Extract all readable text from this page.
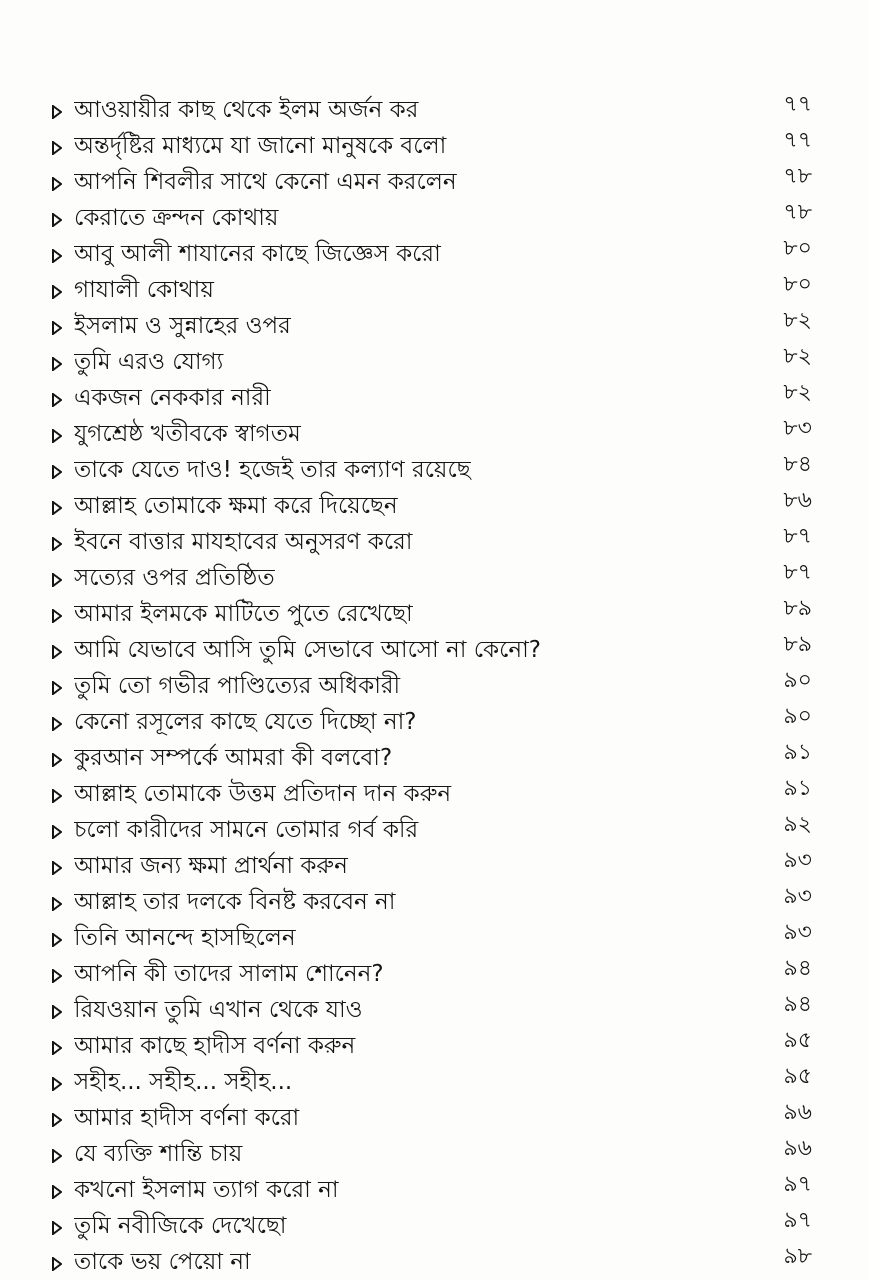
আওয়ায়ীর কাছ থেকে ইলম অর্জন কর	৭৭
অন্তর্দৃষ্টির মাধ্যমে যা জানো মানুষকে বলো	৭৭
আপনি শিবলীর সাথে কেনো এমন করলেন	৭৮
কেরাতে ক্রন্দন কোথায়	৭৮
আবু আলী শাযানের কাছে জিজ্ঞেস করো	৮০
গাযালী কোথায়	৮০
ইসলাম ও সুন্নাহের ওপর	৮২
তুমি এরও যোগ্য	৮২
একজন নেককার নারী	৮২
যুগশ্রেষ্ঠ খতীবকে স্বাগতম	৮৩
তাকে যেতে দাও! হজেই তার কল্যাণ রয়েছে	৮৪
আল্লাহ তোমাকে ক্ষমা করে দিয়েছেন	৮৬
ইবনে বাত্তার মাযহাবের অনুসরণ করো	৮৭
সত্যের ওপর প্রতিষ্ঠিত	৮৭
আমার ইলমকে মাটিতে পুতে রেখেছো	৮৯
আমি যেভাবে আসি তুমি সেভাবে আসো না কেনো?	৮৯
তুমি তো গভীর পাণ্ডিত্যের অধিকারী	৯০
কেনো রসূলের কাছে যেতে দিচ্ছো না?	৯০
কুরআন সম্পর্কে আমরা কী বলবো?	৯১
আল্লাহ তোমাকে উত্তম প্রতিদান দান করুন	৯১
চলো কারীদের সামনে তোমার গর্ব করি	৯২
আমার জন্য ক্ষমা প্রার্থনা করুন	৯৩
আল্লাহ তার দলকে বিনষ্ট করবেন না	৯৩
তিনি আনন্দে হাসছিলেন	৯৩
আপনি কী তাদের সালাম শোনেন?	৯৪
রিযওয়ান তুমি এখান থেকে যাও	৯৪
আমার কাছে হাদীস বর্ণনা করুন	৯৫
সহীহ... সহীহ... সহীহ...	৯৫
আমার হাদীস বর্ণনা করো	৯৬
যে ব্যক্তি শান্তি চায়	৯৬
কখনো ইসলাম ত্যাগ করো না	৯৭
তুমি নবীজিকে দেখেছো	৯৭
তাকে ভয় পেয়ো না	৯৮
